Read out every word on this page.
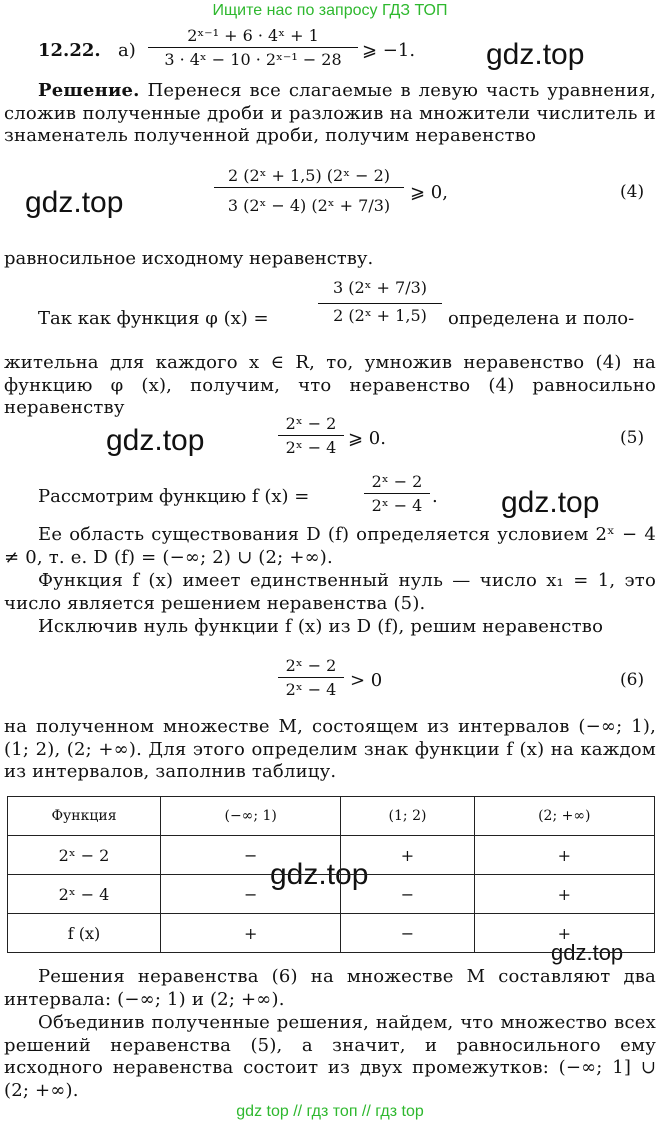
Ищите нас по запросу ГДЗ ТОП
12.22. $а) \frac{\text{2ˣ⁻¹ + 6 · 4ˣ + 1}}{\text{3 · 4ˣ − 10 · 2ˣ⁻¹ − 28}}$ ⩾ −1. gdz.top
gdz.top
gdz.top
gdz.top
gdz.top
gdz.top
Решение. Перенеся все слагаемые в левую часть уравнения, сложив полученные дроби и разложив на множители числитель и знаменатель полученной дроби, получим неравенство
$\frac{\text{2 (2ˣ + 1,5) (2ˣ − 2)}}{\text{3 (2ˣ − 4) (2ˣ + 7/3)}}$ ⩾ 0,	(4)
равносильное исходному неравенству.
Так как функция φ (x) =	$\frac{\text{3 (2ˣ + 7/3)}}{\text{2 (2ˣ + 1,5)}}$ определена и поло-
жительна для каждого x ∈ R, то, умножив неравенство (4) на функцию φ (x), получим, что неравенство (4) равносильно неравенству
$\frac{\text{2ˣ − 2}}{\text{2ˣ − 4}}$ ⩾ 0.	(5)
Рассмотрим функцию f (x) =	$\frac{\text{2ˣ − 2}}{\text{2ˣ − 4}}$ .
Ее область существования D (f) определяется условием 2ˣ − 4 ≠ 0, т. е. D (f) = (−∞; 2) ∪ (2; +∞).
Функция f (x) имеет единственный нуль — число x₁ = 1, это число является решением неравенства (5).
Исключив нуль функции f (x) из D (f), решим неравенство
$\frac{\text{2ˣ − 2}}{\text{2ˣ − 4}} > 0$	(6)
на полученном множестве M, состоящем из интервалов (−∞; 1), (1; 2), (2; +∞). Для этого определим знак функции f (x) на каждом из интервалов, заполнив таблицу.
Функция	(−∞; 1)	(1; 2)	(2; +∞)
2ˣ − 2	−	+	+
2ˣ − 4	−	−	+
f (x)	+	−	+
Решения неравенства (6) на множестве M составляют два интервала: (−∞; 1) и (2; +∞).
Объединив полученные решения, найдем, что множество всех решений неравенства (5), а значит, и равносильного ему исходного неравенства состоит из двух промежутков: (−∞; 1] ∪ (2; +∞).
gdz top // гдз топ // гдз top
